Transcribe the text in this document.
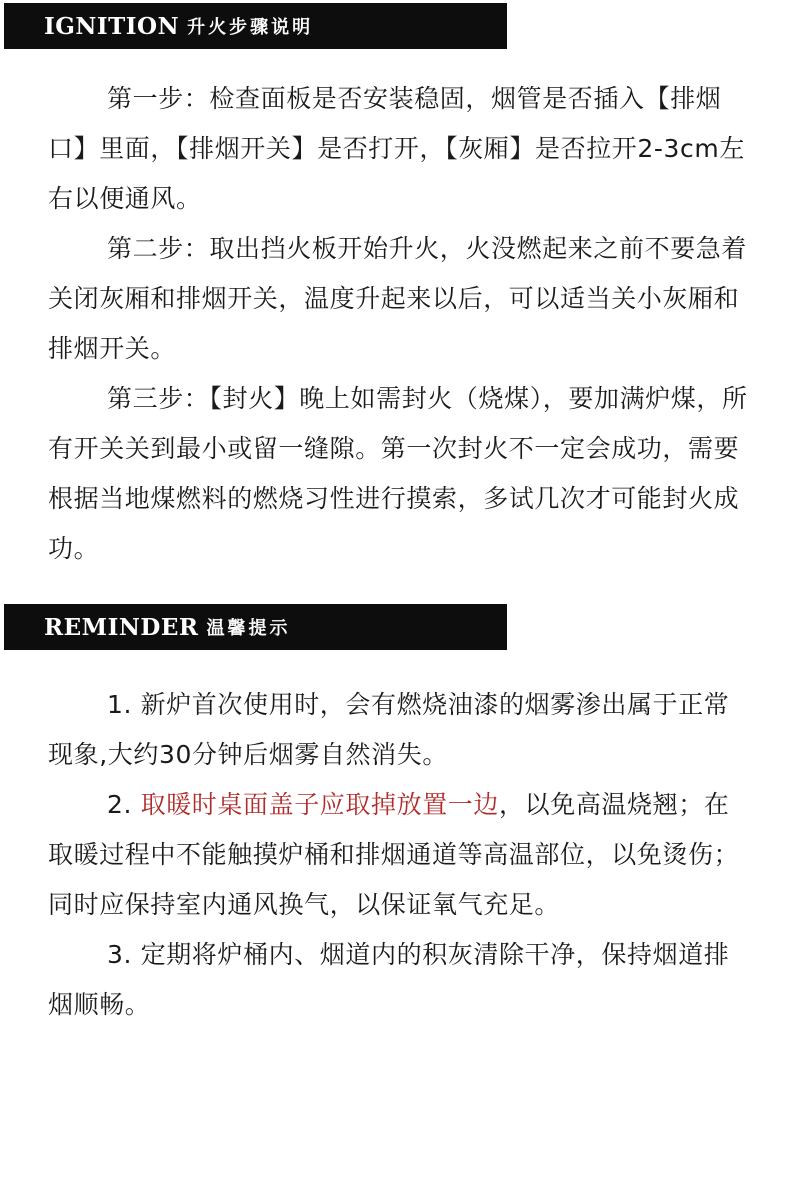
IGNITION 升火步骤说明

第一步：检查面板是否安装稳固，烟管是否插入【排烟口】里面，【排烟开关】是否打开，【灰厢】是否拉开2-3cm左右以便通风。

第二步：取出挡火板开始升火，火没燃起来之前不要急着关闭灰厢和排烟开关，温度升起来以后，可以适当关小灰厢和排烟开关。

第三步：【封火】晚上如需封火（烧煤），要加满炉煤，所有开关关到最小或留一缝隙。第一次封火不一定会成功，需要根据当地煤燃料的燃烧习性进行摸索，多试几次才可能封火成功。

REMINDER 温馨提示

1. 新炉首次使用时，会有燃烧油漆的烟雾渗出属于正常现象,大约30分钟后烟雾自然消失。

2. 取暖时桌面盖子应取掉放置一边，以免高温烧翘；在取暖过程中不能触摸炉桶和排烟通道等高温部位，以免烫伤；同时应保持室内通风换气，以保证氧气充足。

3. 定期将炉桶内、烟道内的积灰清除干净，保持烟道排烟顺畅。
